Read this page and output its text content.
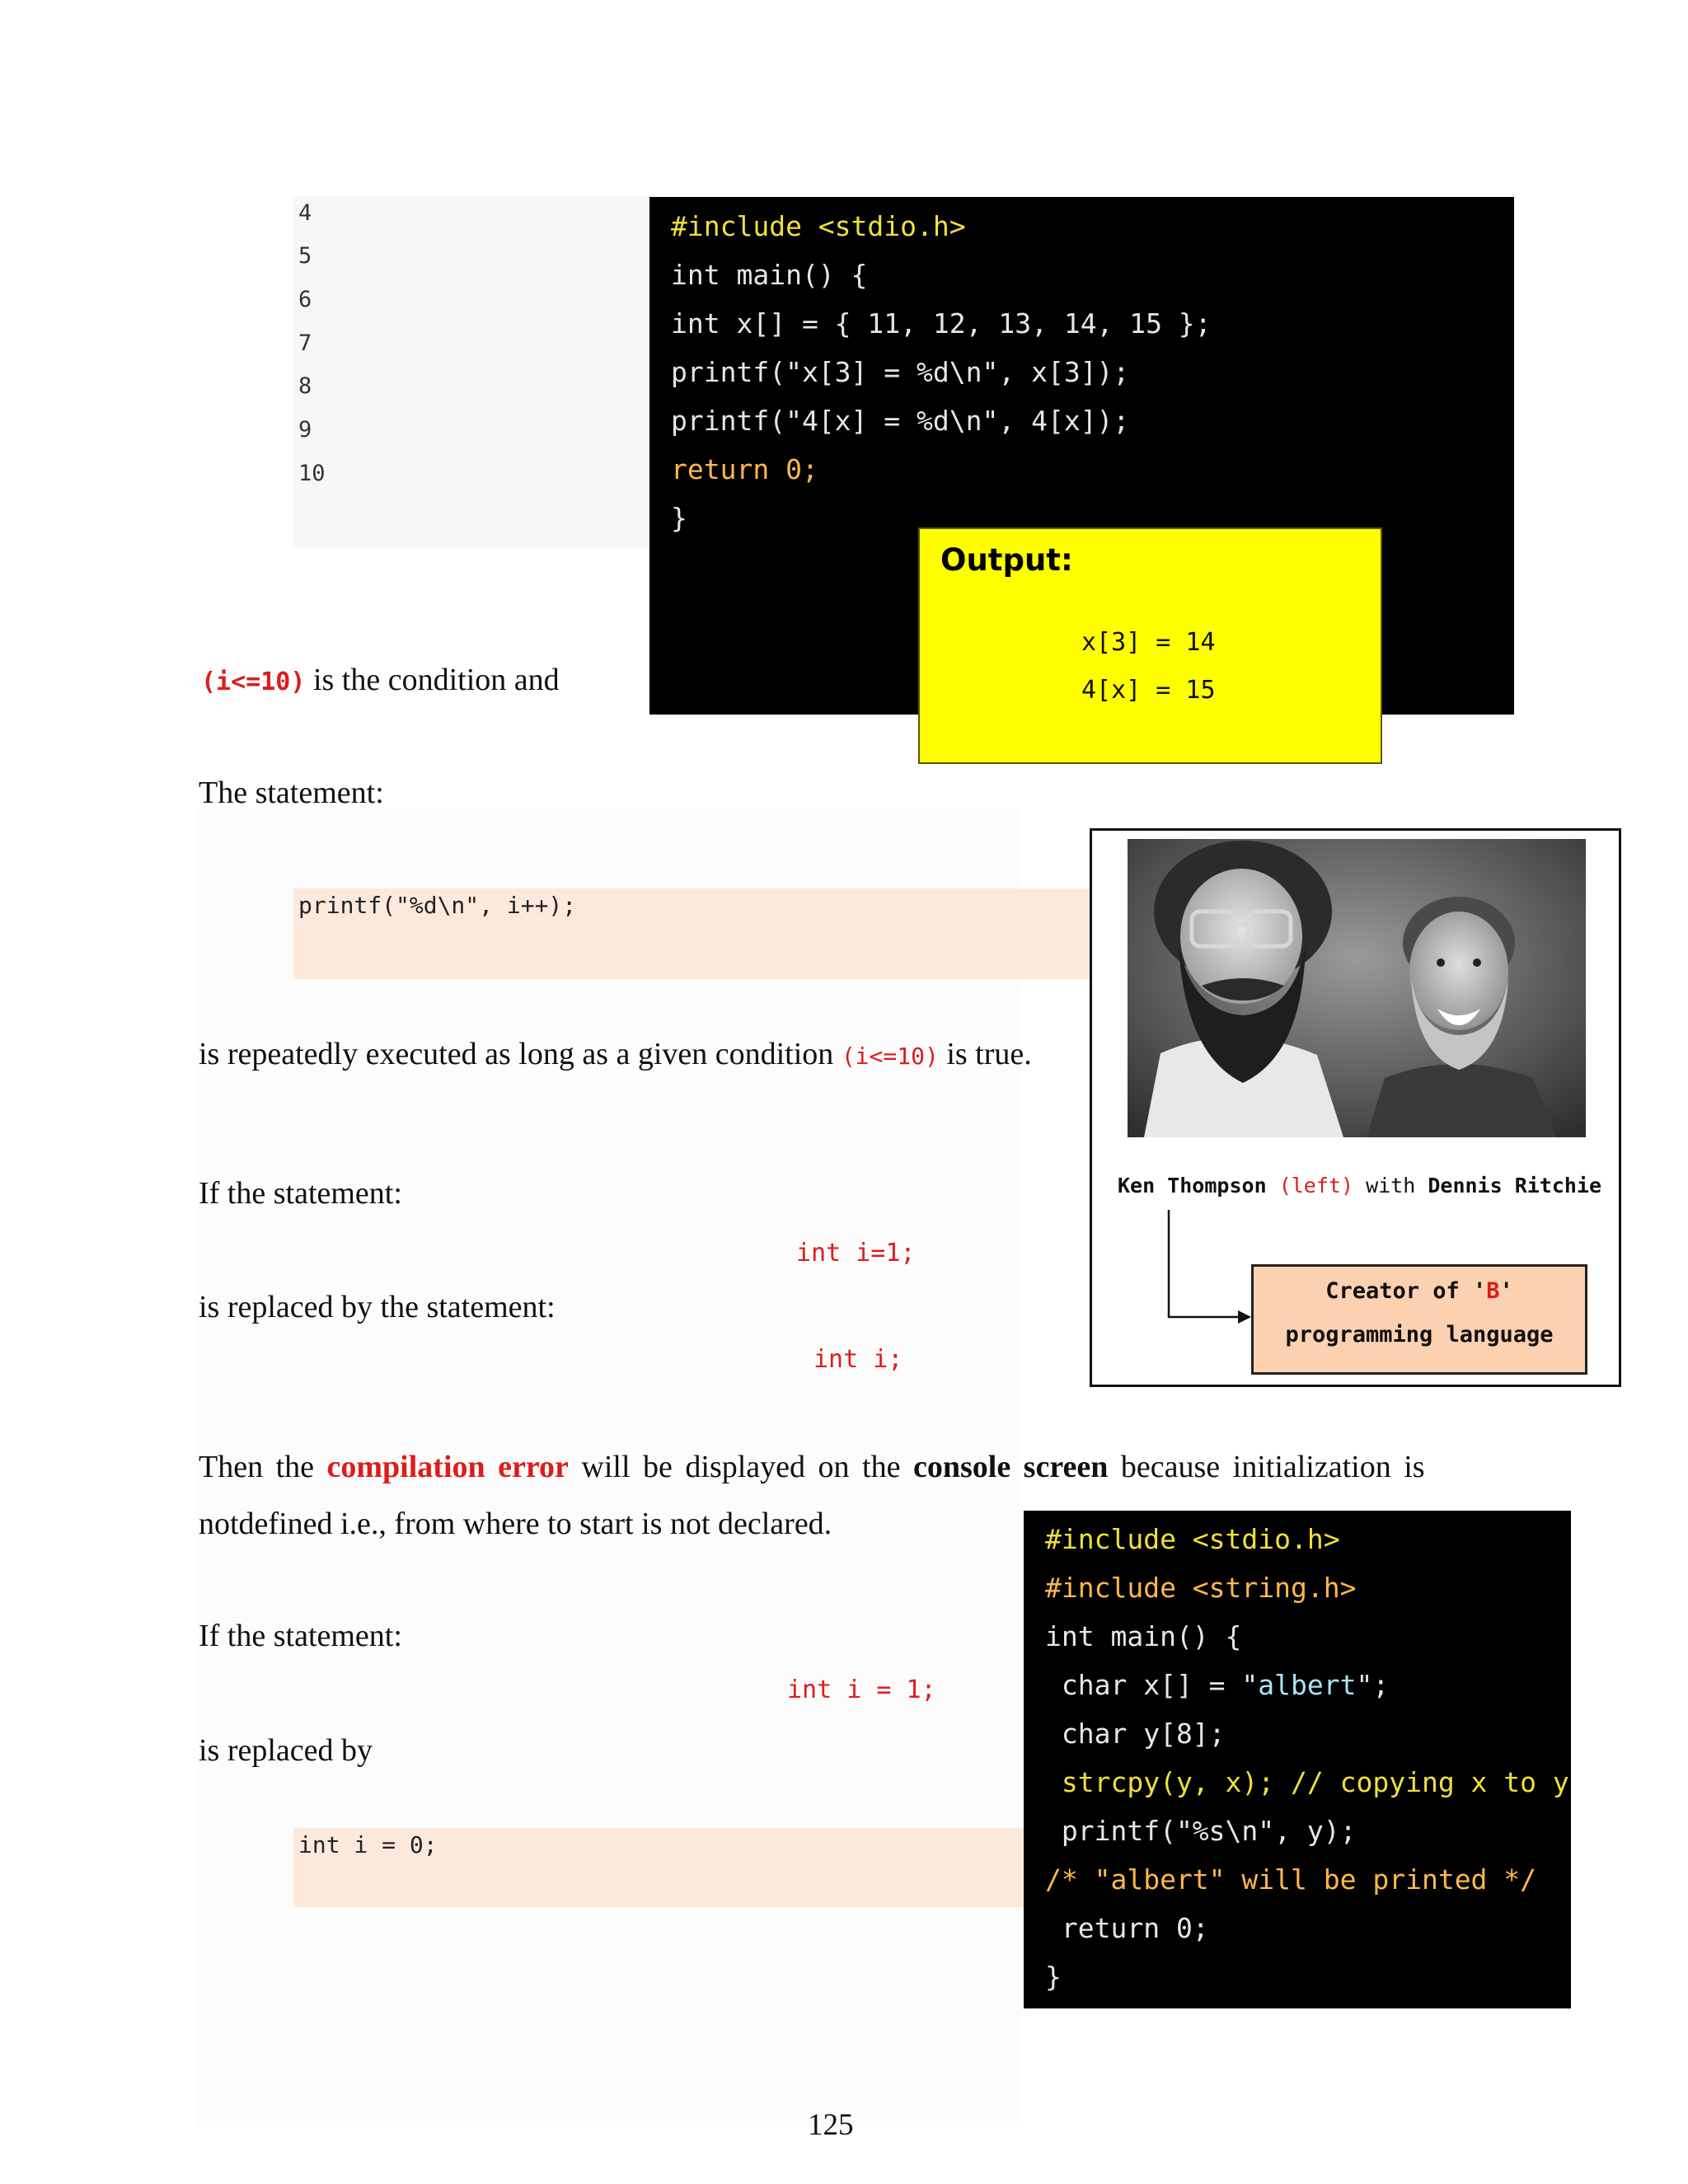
4
5
6
7
8
9
10
#include <stdio.h>
int main() {
int x[] = { 11, 12, 13, 14, 15 };
printf("x[3] = %d\n", x[3]);
printf("4[x] = %d\n", 4[x]);
return 0;
}
Output:
x[3] = 14
4[x] = 15
(i<=10) is the condition and
The statement:
printf("%d\n", i++);
is repeatedly executed as long as a given condition (i<=10) is true.
If the statement:
int i=1;
is replaced by the statement:
int i;
Ken Thompson (left) with Dennis Ritchie
Creator of 'B'
programming language
Then the compilation error will be displayed on the console screen because initialization is
notdefined i.e., from where to start is not declared.	#include <stdio.h>
#include <string.h>
int main() {
char x[] = "albert";
char y[8];
strcpy(y, x); // copying x to y
printf("%s\n", y);
/* "albert" will be printed */
return 0;
}
If the statement:
int i = 1;
is replaced by
int i = 0;
125
